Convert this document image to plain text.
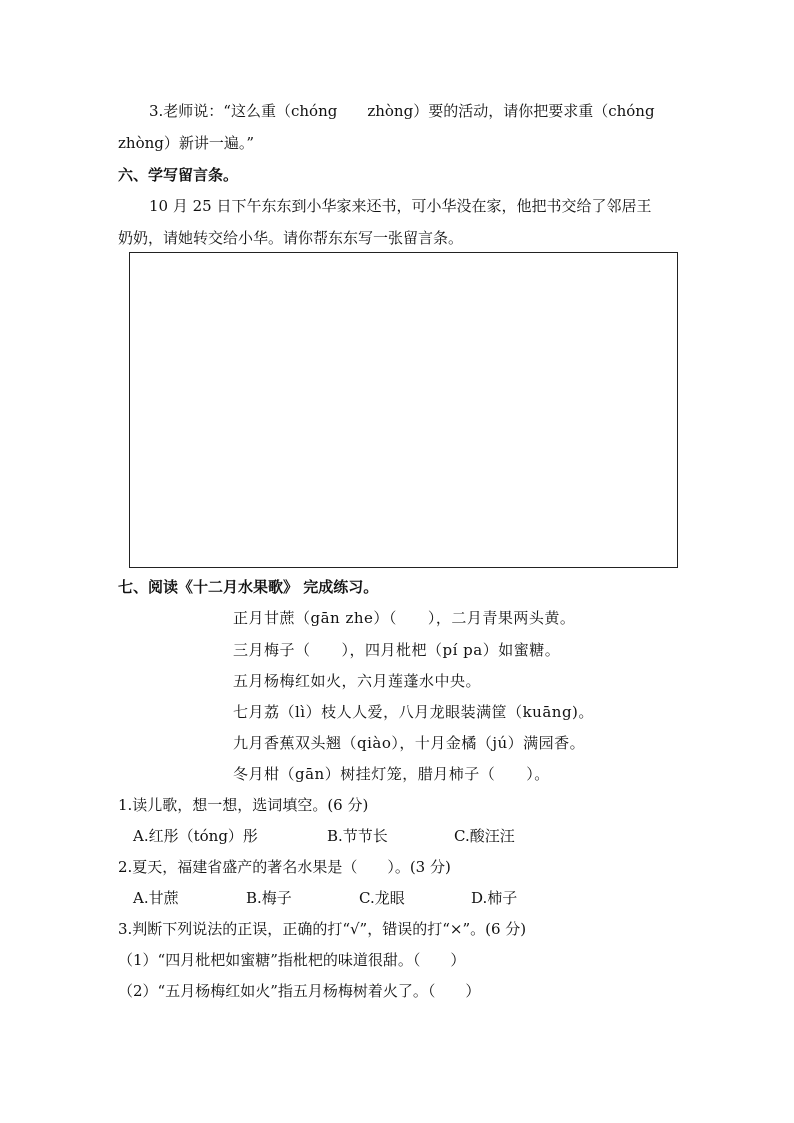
3.老师说：“这么重（chóng　　zhòng）要的活动，请你把要求重（chóng
zhòng）新讲一遍。”
六、学写留言条。
10 月 25 日下午东东到小华家来还书，可小华没在家，他把书交给了邻居王
奶奶，请她转交给小华。请你帮东东写一张留言条。
七、阅读《十二月水果歌》 完成练习。
正月甘蔗（gān zhe）（　　），二月青果两头黄。
三月梅子（　　），四月枇杷（pí pa）如蜜糖。
五月杨梅红如火，六月莲蓬水中央。
七月荔（lì）枝人人爱，八月龙眼装满筐（kuāng)。
九月香蕉双头翘（qiào），十月金橘（jú）满园香。
冬月柑（gān）树挂灯笼，腊月柿子（　　）。
1.读儿歌，想一想，选词填空。(6 分)
A.红彤（tóng）彤	B.节节长	C.酸汪汪
2.夏天，福建省盛产的著名水果是（　　）。(3 分)
A.甘蔗	B.梅子	C.龙眼	D.柿子
3.判断下列说法的正误，正确的打“√”，错误的打“×”。(6 分)
（1）“四月枇杷如蜜糖”指枇杷的味道很甜。（　　）
（2）“五月杨梅红如火”指五月杨梅树着火了。（　　）
